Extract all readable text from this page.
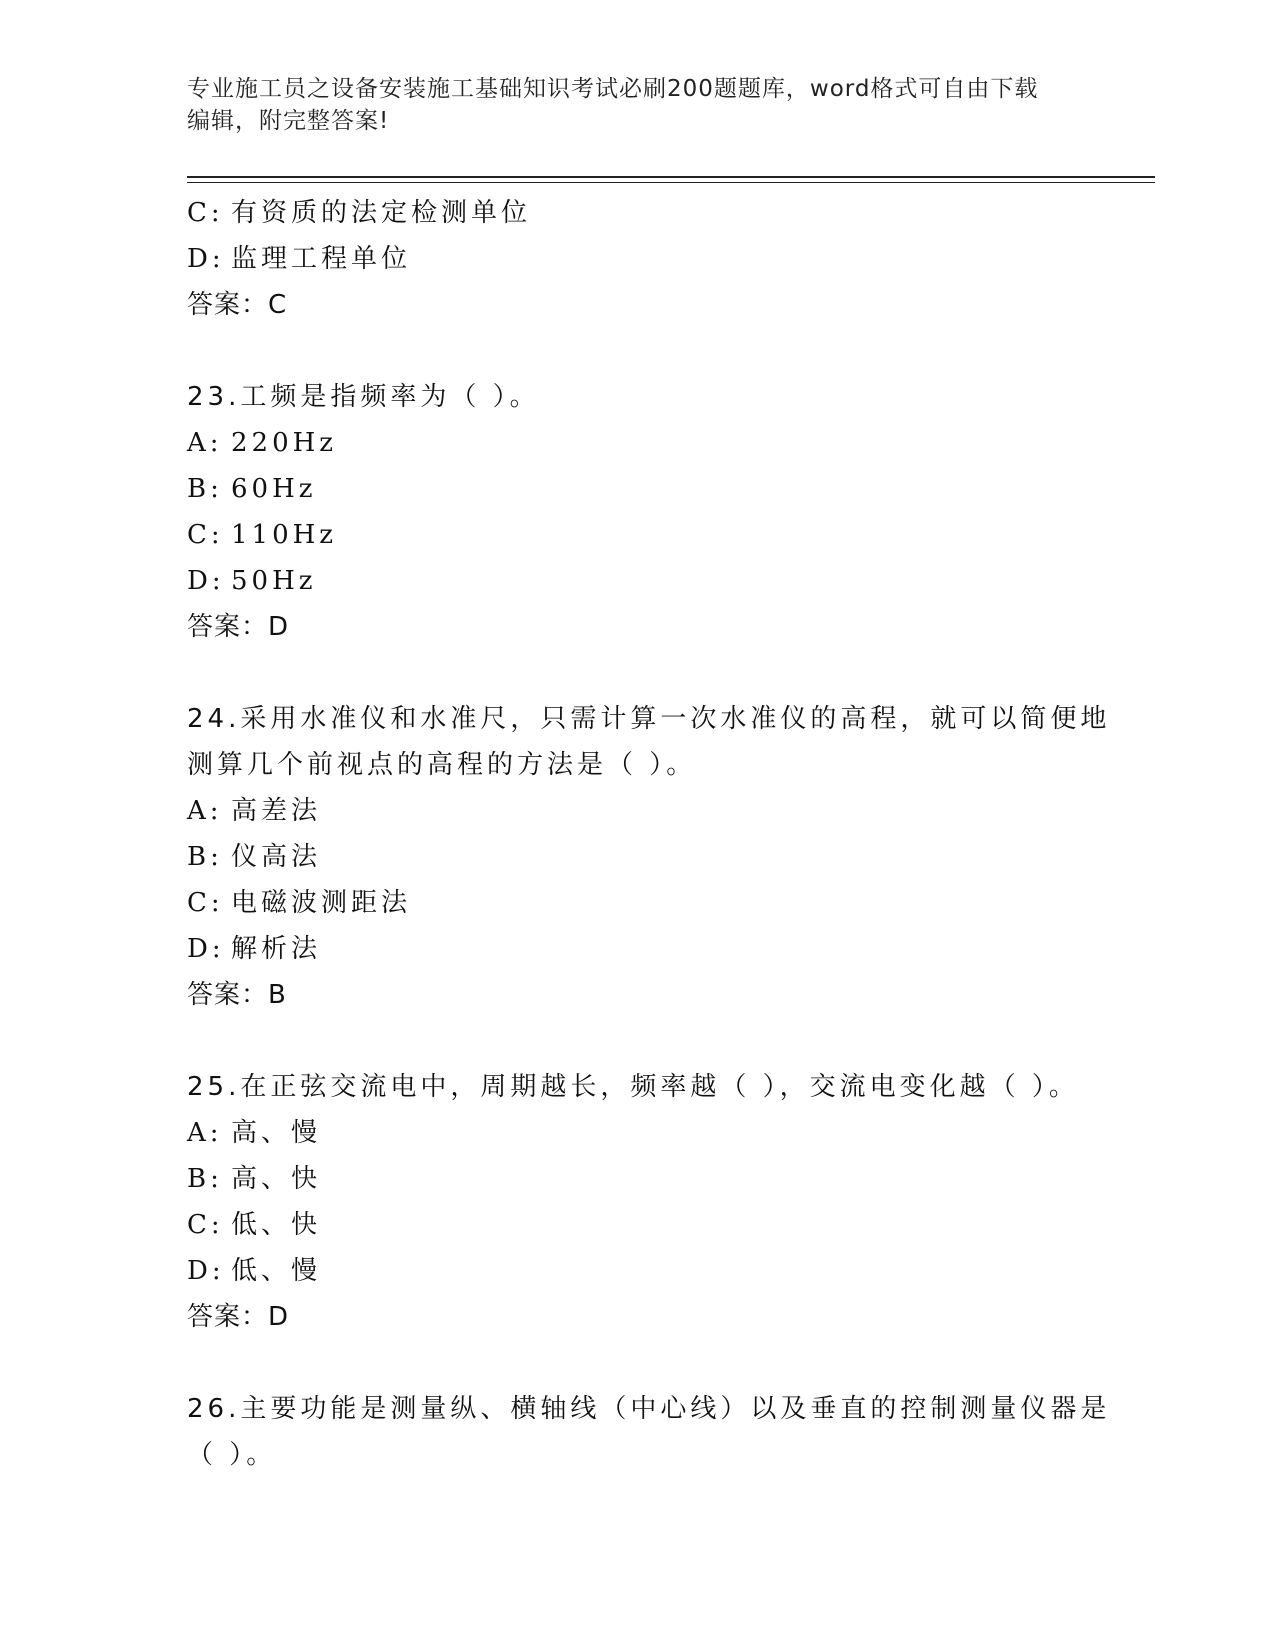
专业施工员之设备安装施工基础知识考试必刷200题题库，word格式可自由下载
编辑，附完整答案!
C: 有资质的法定检测单位
D: 监理工程单位
答案：C
23.工频是指频率为（ ）。
A: 220Hz
B: 60Hz
C: 110Hz
D: 50Hz
答案：D
24.采用水准仪和水准尺，只需计算一次水准仪的高程，就可以简便地
测算几个前视点的高程的方法是（ ）。
A: 高差法
B: 仪高法
C: 电磁波测距法
D: 解析法
答案：B
25.在正弦交流电中，周期越长，频率越（ ），交流电变化越（ ）。
A: 高、慢
B: 高、快
C: 低、快
D: 低、慢
答案：D
26.主要功能是测量纵、横轴线（中心线）以及垂直的控制测量仪器是
（ ）。
